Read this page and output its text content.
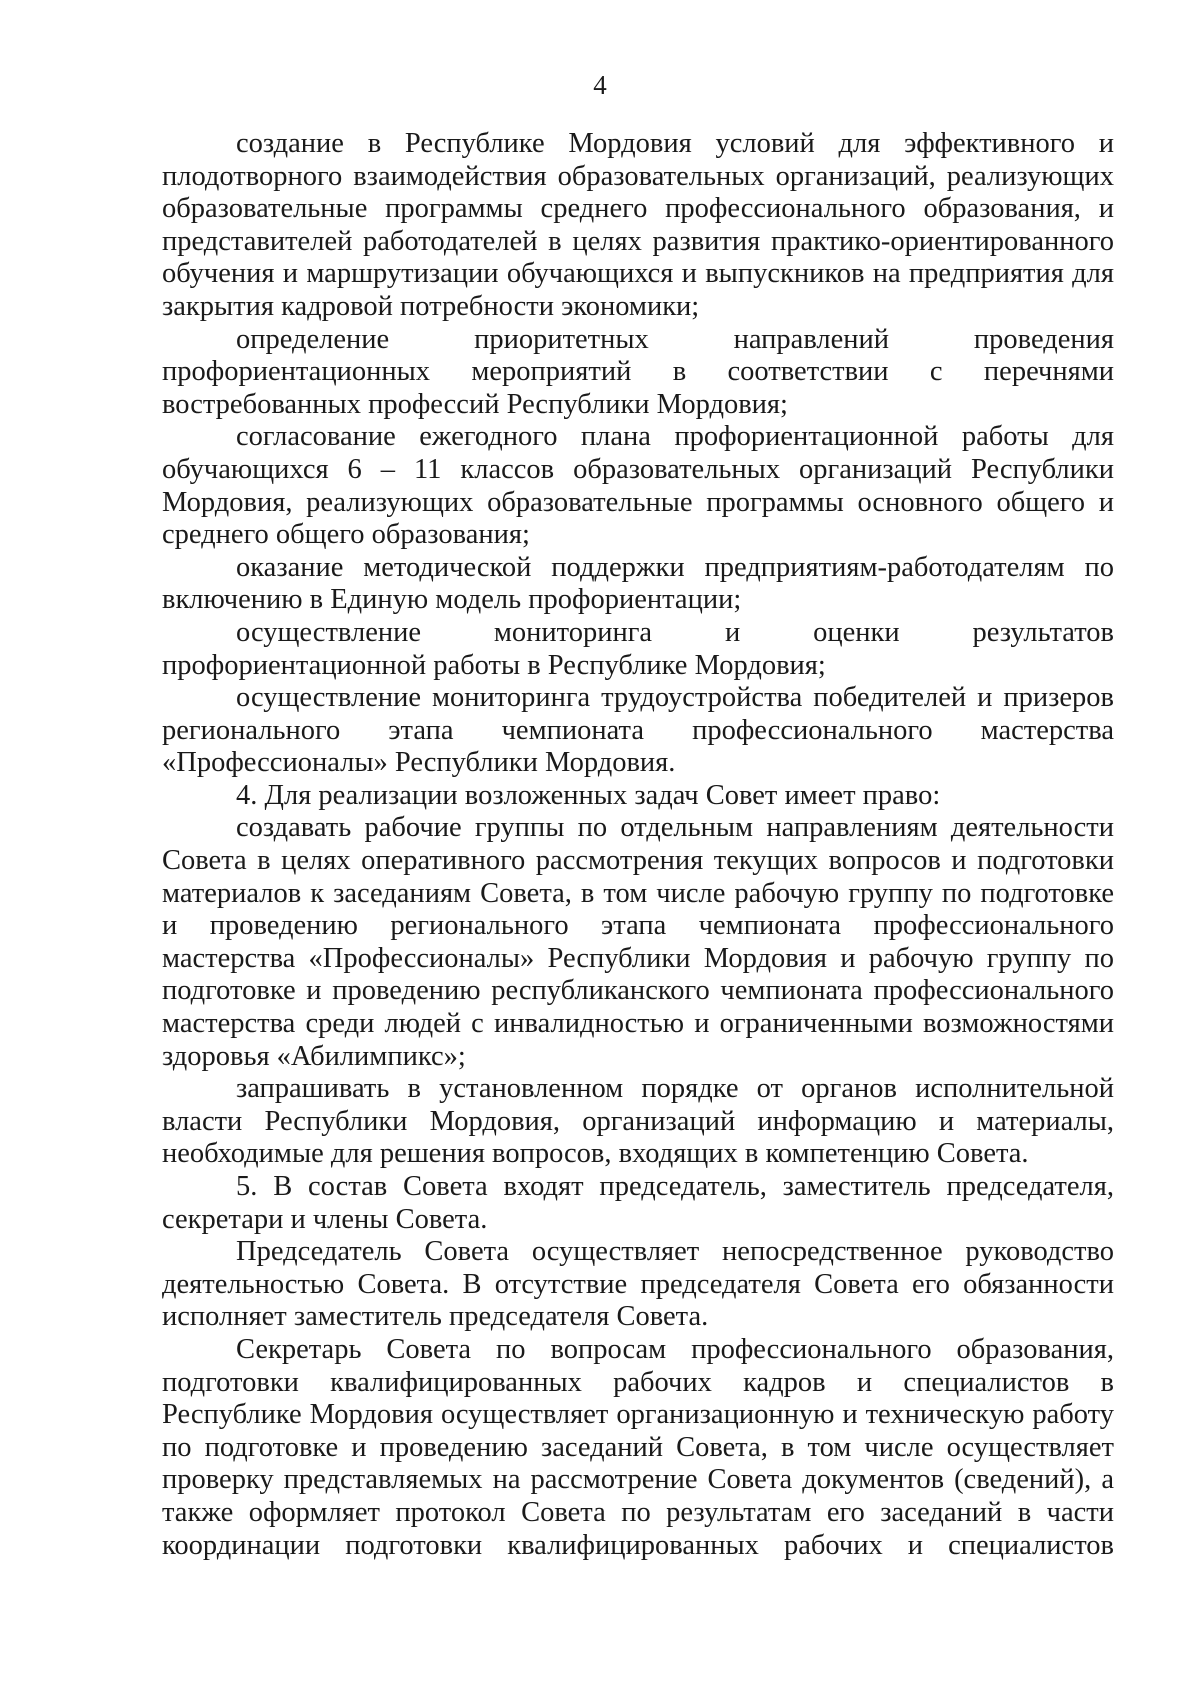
4

создание в Республике Мордовия условий для эффективного и плодотворного взаимодействия образовательных организаций, реализующих образовательные программы среднего профессионального образования, и представителей работодателей в целях развития практико-ориентированного обучения и маршрутизации обучающихся и выпускников на предприятия для закрытия кадровой потребности экономики;

определение приоритетных направлений проведения профориентационных мероприятий в соответствии с перечнями востребованных профессий Республики Мордовия;

согласование ежегодного плана профориентационной работы для обучающихся 6 – 11 классов образовательных организаций Республики Мордовия, реализующих образовательные программы основного общего и среднего общего образования;

оказание методической поддержки предприятиям-работодателям по включению в Единую модель профориентации;

осуществление мониторинга и оценки результатов профориентационной работы в Республике Мордовия;

осуществление мониторинга трудоустройства победителей и призеров регионального этапа чемпионата профессионального мастерства «Профессионалы» Республики Мордовия.

4. Для реализации возложенных задач Совет имеет право:

создавать рабочие группы по отдельным направлениям деятельности Совета в целях оперативного рассмотрения текущих вопросов и подготовки материалов к заседаниям Совета, в том числе рабочую группу по подготовке и проведению регионального этапа чемпионата профессионального мастерства «Профессионалы» Республики Мордовия и рабочую группу по подготовке и проведению республиканского чемпионата профессионального мастерства среди людей с инвалидностью и ограниченными возможностями здоровья «Абилимпикс»;

запрашивать в установленном порядке от органов исполнительной власти Республики Мордовия, организаций информацию и материалы, необходимые для решения вопросов, входящих в компетенцию Совета.

5. В состав Совета входят председатель, заместитель председателя, секретари и члены Совета.

Председатель Совета осуществляет непосредственное руководство деятельностью Совета. В отсутствие председателя Совета его обязанности исполняет заместитель председателя Совета.

Секретарь Совета по вопросам профессионального образования, подготовки квалифицированных рабочих кадров и специалистов в Республике Мордовия осуществляет организационную и техническую работу по подготовке и проведению заседаний Совета, в том числе осуществляет проверку представляемых на рассмотрение Совета документов (сведений), а также оформляет протокол Совета по результатам его заседаний в части координации подготовки квалифицированных рабочих и специалистов
